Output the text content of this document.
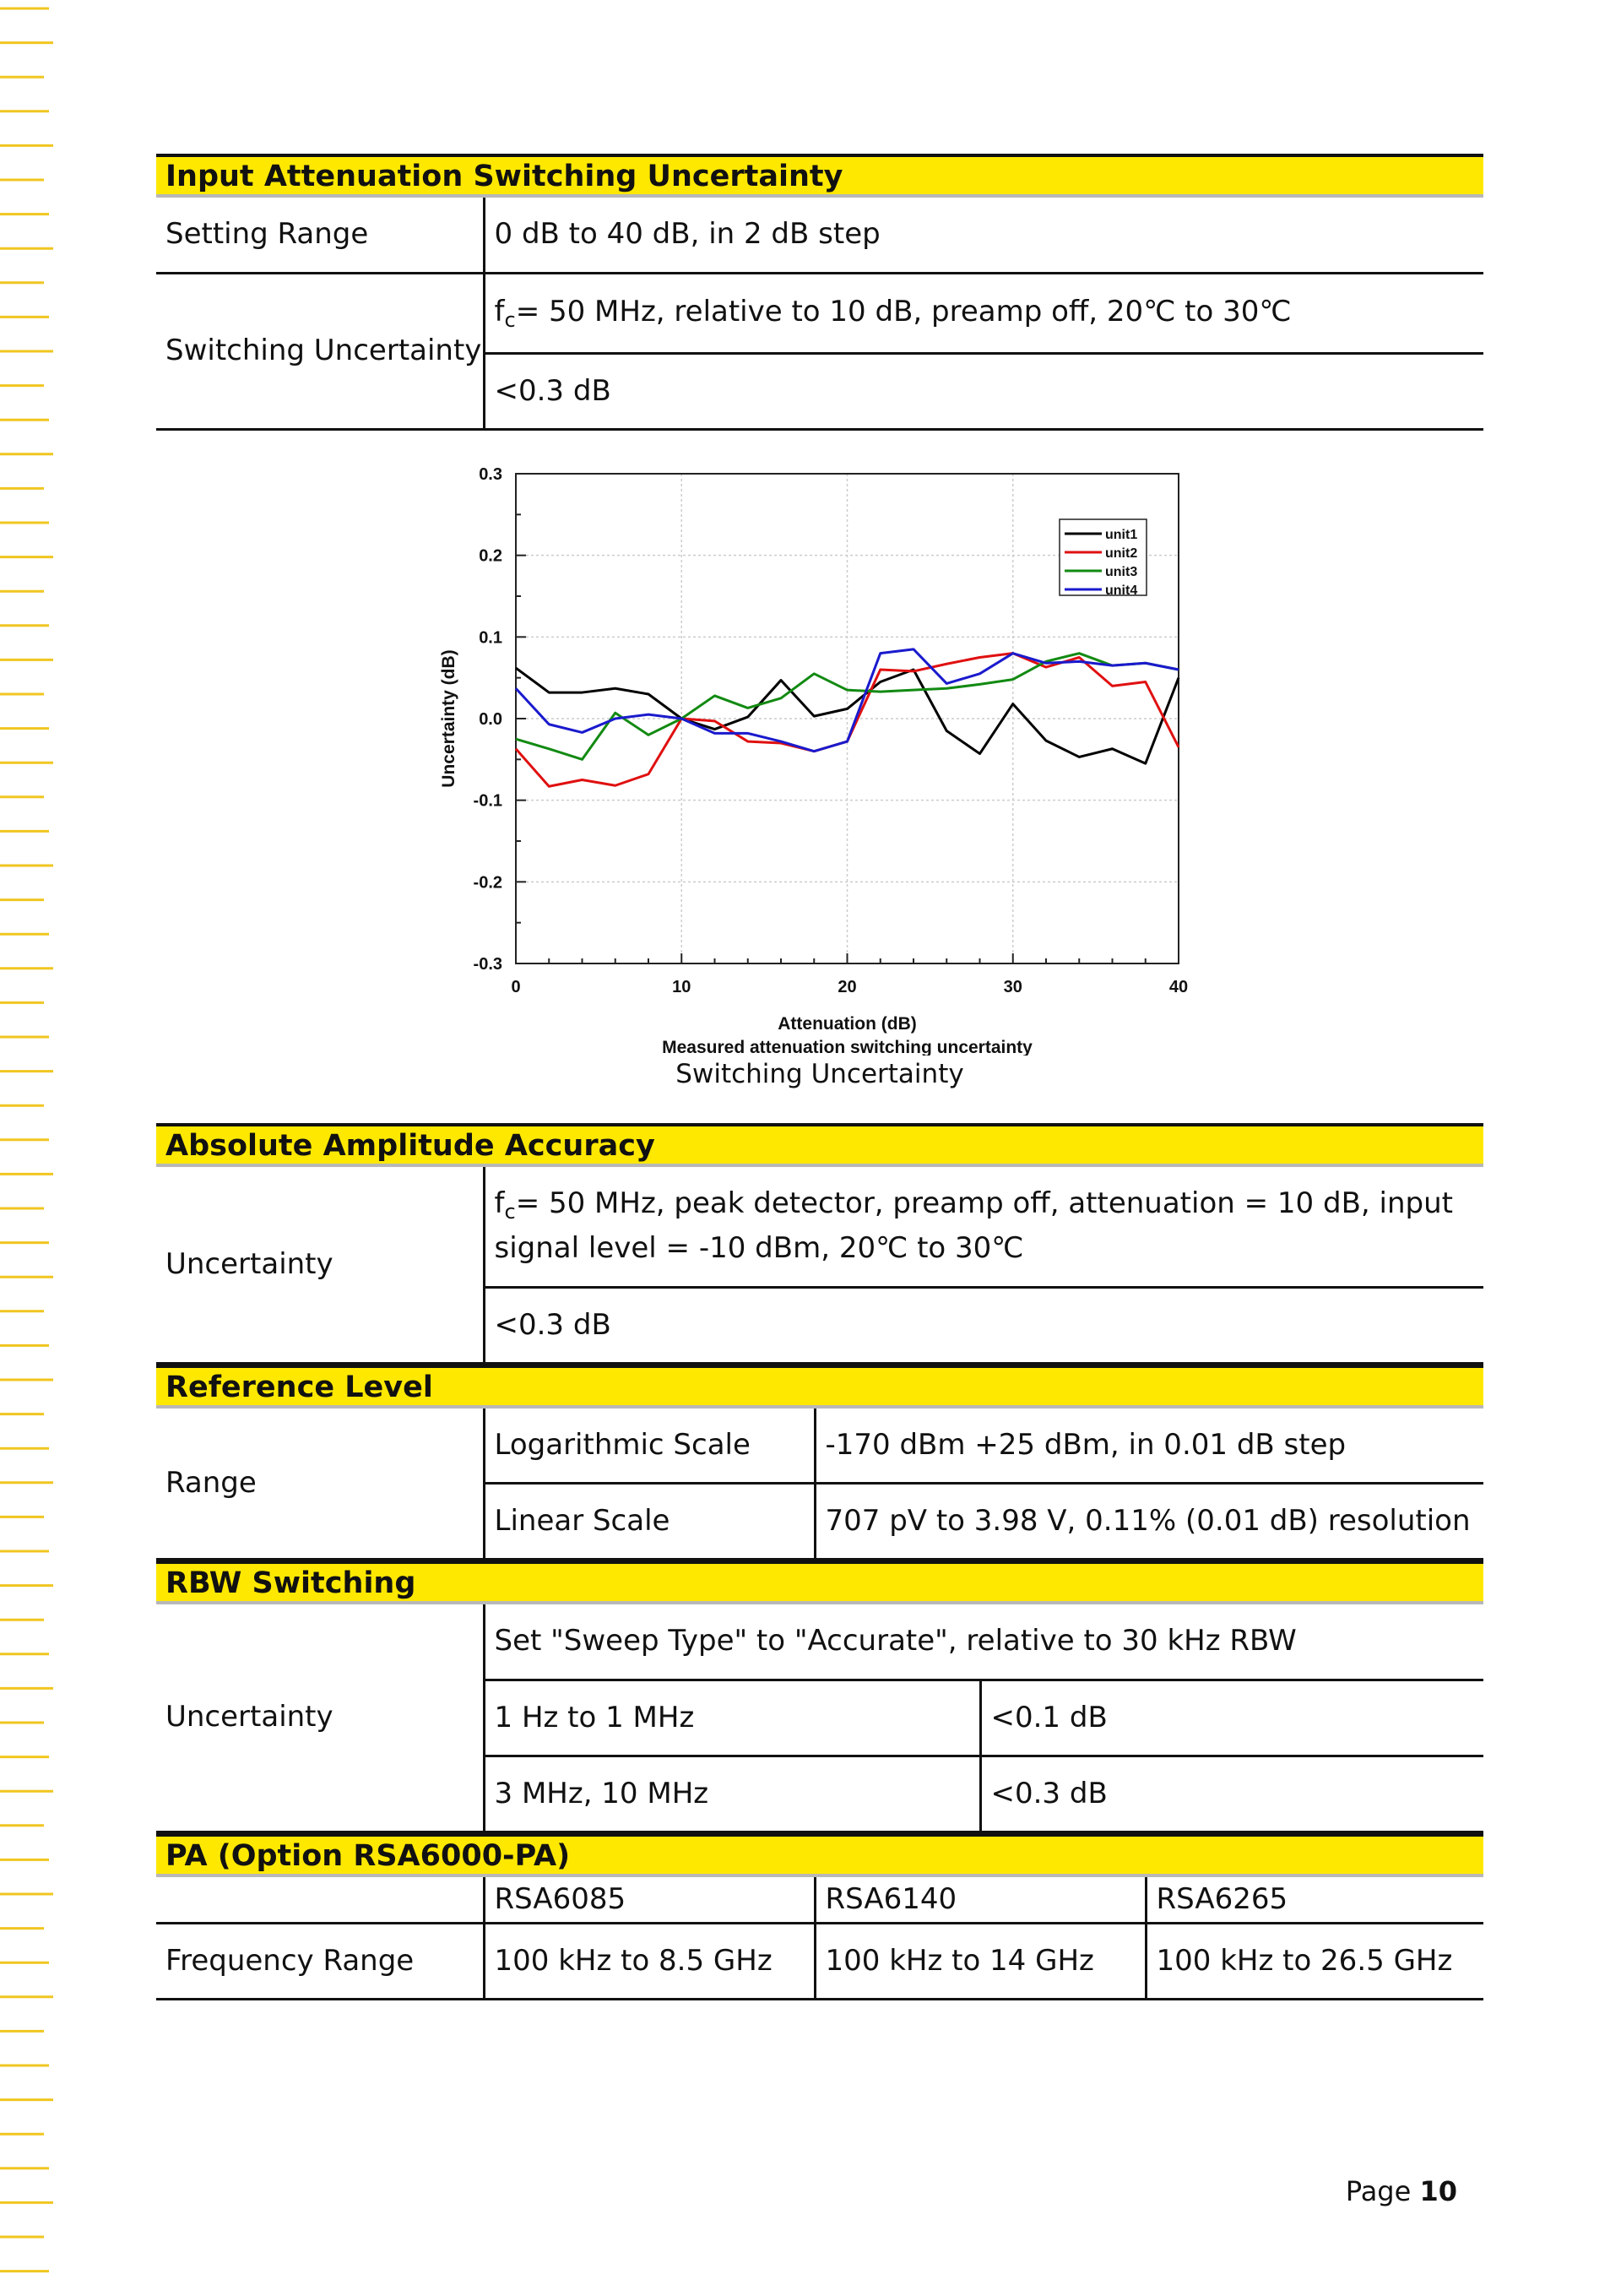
Input Attenuation Switching Uncertainty
Setting Range	0 dB to 40 dB, in 2 dB step
Switching Uncertainty	$f_c= 50$ MHz, relative to 10 dB, preamp off, 20℃ to 30℃
	<0.3 dB
0	10	20	30	40
-0.3
-0.2
-0.1
0.0
0.1
0.2
0.3
Attenuation (dB)
Measured attenuation switching uncertainty
Uncertainty (dB)
unit1
unit2
unit3
unit4
Switching Uncertainty
Absolute Amplitude Accuracy
Uncertainty	$f_c= 50$ MHz, peak detector, preamp off, attenuation = 10 dB, input signal level = -10 dBm, 20℃ to 30℃
<0.3 dB
Reference Level
Range	Logarithmic Scale	-170 dBm +25 dBm, in 0.01 dB step
	Linear Scale	707 pV to 3.98 V, 0.11% (0.01 dB) resolution
RBW Switching
Uncertainty	Set "Sweep Type" to "Accurate", relative to 30 kHz RBW	
	1 Hz to 1 MHz	<0.1 dB
	3 MHz, 10 MHz	<0.3 dB
PA (Option RSA6000-PA)
	RSA6085	RSA6140	RSA6265
Frequency Range	100 kHz to 8.5 GHz	100 kHz to 14 GHz	100 kHz to 26.5 GHz
Page 10
